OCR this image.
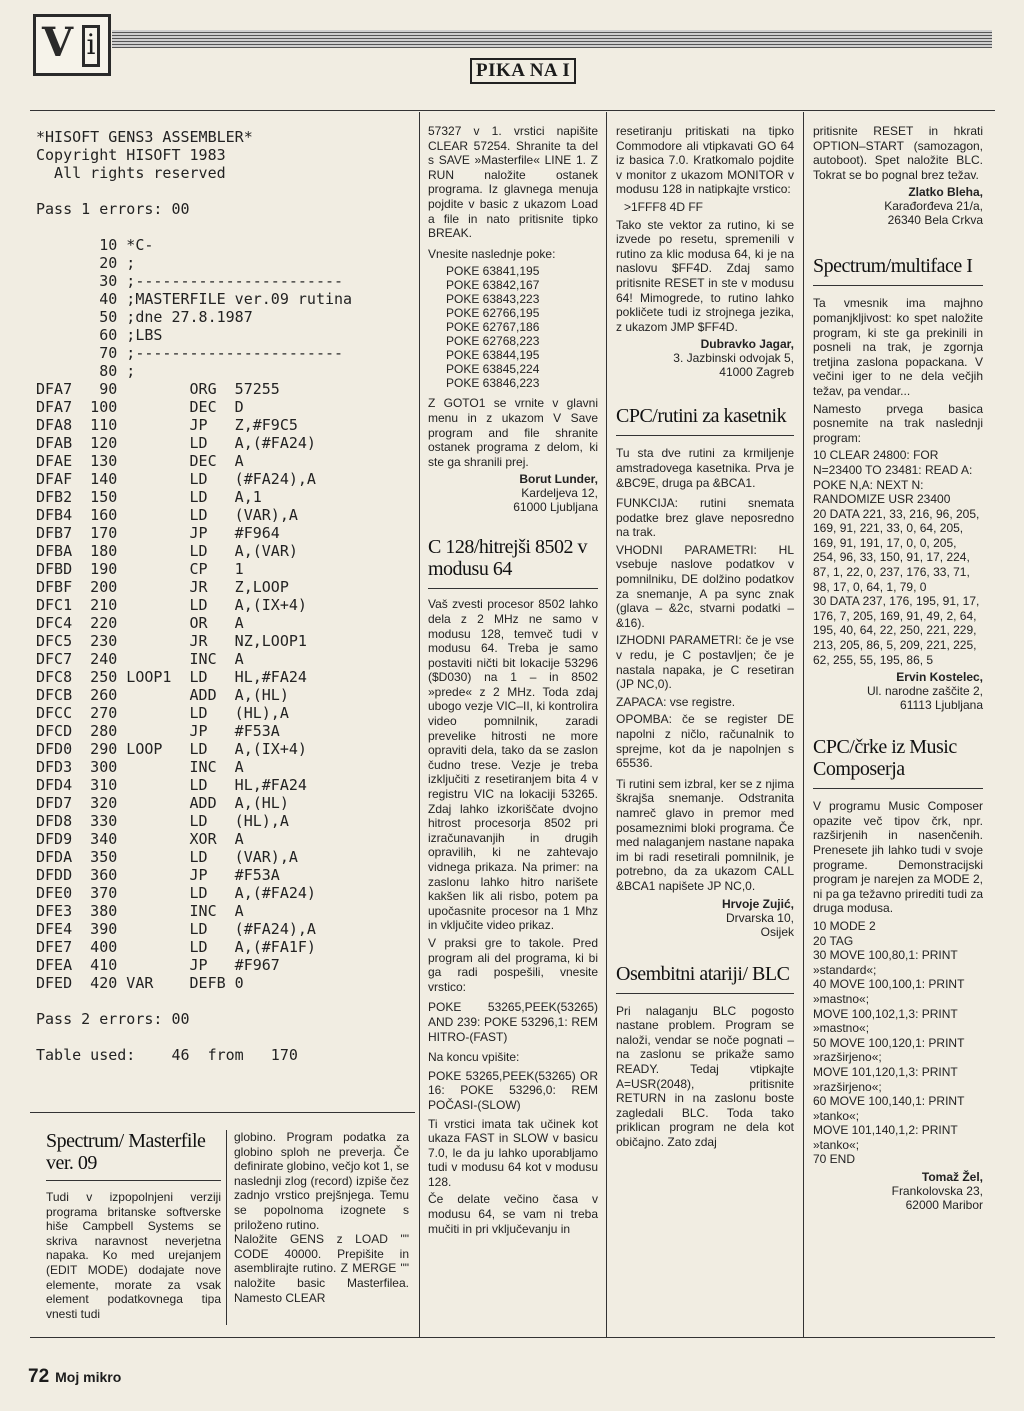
V i
PIKA NA I
*HISOFT GENS3 ASSEMBLER*
Copyright HISOFT 1983
All rights reserved

Pass 1 errors: 00

10 *C-
20 ;
30 ;-----------------------
40 ;MASTERFILE ver.09 rutina
50 ;dne 27.8.1987
60 ;LBS
70 ;-----------------------
80 ;
DFA7   90        ORG  57255
DFA7  100        DEC  D
DFA8  110        JP   Z,#F9C5
DFAB  120        LD   A,(#FA24)
DFAE  130        DEC  A
DFAF  140        LD   (#FA24),A
DFB2  150        LD   A,1
DFB4  160        LD   (VAR),A
DFB7  170        JP   #F964
DFBA  180        LD   A,(VAR)
DFBD  190        CP   1
DFBF  200        JR   Z,LOOP
DFC1  210        LD   A,(IX+4)
DFC4  220        OR   A
DFC5  230        JR   NZ,LOOP1
DFC7  240        INC  A
DFC8  250 LOOP1  LD   HL,#FA24
DFCB  260        ADD  A,(HL)
DFCC  270        LD   (HL),A
DFCD  280        JP   #F53A
DFD0  290 LOOP   LD   A,(IX+4)
DFD3  300        INC  A
DFD4  310        LD   HL,#FA24
DFD7  320        ADD  A,(HL)
DFD8  330        LD   (HL),A
DFD9  340        XOR  A
DFDA  350        LD   (VAR),A
DFDD  360        JP   #F53A
DFE0  370        LD   A,(#FA24)
DFE3  380        INC  A
DFE4  390        LD   (#FA24),A
DFE7  400        LD   A,(#FA1F)
DFEA  410        JP   #F967
DFED  420 VAR    DEFB 0

Pass 2 errors: 00

Table used:    46  from   170
Spectrum/ Masterfile ver. 09

Tudi v izpopolnjeni verziji programa britanske softverske hiše Campbell Systems se skriva naravnost neverjetna napaka. Ko med urejanjem (EDIT MODE) dodajate nove elemente, morate za vsak element podatkovnega tipa vnesti tudi

globino. Program podatka za globino sploh ne preverja. Če definirate globino, večjo kot 1, se naslednji zlog (record) izpiše čez zadnjo vrstico prejšnjega. Temu se popolnoma izognete s priloženo rutino.
Naložite GENS z LOAD "" CODE 40000. Prepišite in asemblirajte rutino. Z MERGE "" naložite basic Masterfilea. Namesto CLEAR

57327 v 1. vrstici napišite CLEAR 57254. Shranite ta del s SAVE »Masterfile« LINE 1. Z RUN naložite ostanek programa. Iz glavnega menuja pojdite v basic z ukazom Load a file in nato pritisnite tipko BREAK.

Vnesite naslednje poke:

POKE 63841,195
POKE 63842,167
POKE 63843,223
POKE 62766,195
POKE 62767,186
POKE 62768,223
POKE 63844,195
POKE 63845,224
POKE 63846,223

Z GOTO1 se vrnite v glavni menu in z ukazom V Save program and file shranite ostanek programa z delom, ki ste ga shranili prej.

Borut Lunder,
Kardeljeva 12,
61000 Ljubljana
C 128/hitrejši 8502 v modusu 64

Vaš zvesti procesor 8502 lahko dela z 2 MHz ne samo v modusu 128, temveč tudi v modusu 64. Treba je samo postaviti ničti bit lokacije 53296 ($D030) na 1 – in 8502 »prede« z 2 MHz. Toda zdaj ubogo vezje VIC–II, ki kontrolira video pomnilnik, zaradi prevelike hitrosti ne more opraviti dela, tako da se zaslon čudno trese. Vezje je treba izključiti z resetiranjem bita 4 v registru VIC na lokaciji 53265. Zdaj lahko izkoriščate dvojno hitrost procesorja 8502 pri izračunavanjih in drugih opravilih, ki ne zahtevajo vidnega prikaza. Na primer: na zaslonu lahko hitro narišete kakšen lik ali risbo, potem pa upočasnite procesor na 1 Mhz in vključite video prikaz.

V praksi gre to takole. Pred program ali del programa, ki bi ga radi pospešili, vnesite vrstico:

POKE 53265,PEEK(53265) AND 239: POKE 53296,1: REM HITRO-(FAST)

Na koncu vpišite:

POKE 53265,PEEK(53265) OR 16: POKE 53296,0: REM POČASI-(SLOW)

Ti vrstici imata tak učinek kot ukaza FAST in SLOW v basicu 7.0, le da ju lahko uporabljamo tudi v modusu 64 kot v modusu 128.

Če delate večino časa v modusu 64, se vam ni treba mučiti in pri vključevanju in

resetiranju pritiskati na tipko Commodore ali vtipkavati GO 64 iz basica 7.0. Kratkomalo pojdite v monitor z ukazom MONITOR v modusu 128 in natipkajte vrstico:

>1FFF8 4D FF

Tako ste vektor za rutino, ki se izvede po resetu, spremenili v rutino za klic modusa 64, ki je na naslovu $FF4D. Zdaj samo pritisnite RESET in ste v modusu 64! Mimogrede, to rutino lahko pokličete tudi iz strojnega jezika, z ukazom JMP $FF4D.

Dubravko Jagar,
3. Jazbinski odvojak 5,
41000 Zagreb
CPC/rutini za kasetnik

Tu sta dve rutini za krmiljenje amstradovega kasetnika. Prva je &BC9E, druga pa &BCA1.

FUNKCIJA: rutini snemata podatke brez glave neposredno na trak.

VHODNI PARAMETRI: HL vsebuje naslove podatkov v pomnilniku, DE dolžino podatkov za snemanje, A pa sync znak (glava – &2c, stvarni podatki – &16).

IZHODNI PARAMETRI: če je vse v redu, je C postavljen; če je nastala napaka, je C resetiran (JP NC,0).

ZAPACA: vse registre.

OPOMBA: če se register DE napolni z ničlo, računalnik to sprejme, kot da je napolnjen s 65536.

Ti rutini sem izbral, ker se z njima škrajša snemanje. Odstranita namreč glavo in premor med posameznimi bloki programa. Če med nalaganjem nastane napaka im bi radi resetirali pomnilnik, je potrebno, da za ukazom CALL &BCA1 napišete JP NC,0.

Hrvoje Zujić,
Drvarska 10,
Osijek
Osembitni atariji/ BLC

Pri nalaganju BLC pogosto nastane problem. Program se naloži, vendar se noče pognati – na zaslonu se prikaže samo READY. Tedaj vtipkajte A=USR(2048), pritisnite RETURN in na zaslonu boste zagledali BLC. Toda tako priklican program ne dela kot običajno. Zato zdaj

pritisnite RESET in hkrati OPTION–START (samozagon, autoboot). Spet naložite BLC. Tokrat se bo pognal brez težav.

Zlatko Bleha,
Karađorđeva 21/a,
26340 Bela Crkva
Spectrum/multiface I

Ta vmesnik ima majhno pomanjkljivost: ko spet naložite program, ki ste ga prekinili in posneli na trak, je zgornja tretjina zaslona popackana. V večini iger to ne dela večjih težav, pa vendar...

Namesto prvega basica posnemite na trak naslednji program:

10 CLEAR 24800: FOR N=23400 TO 23481: READ A: POKE N,A: NEXT N: RANDOMIZE USR 23400
20 DATA 221, 33, 216, 96, 205, 169, 91, 221, 33, 0, 64, 205, 169, 91, 191, 17, 0, 0, 205, 254, 96, 33, 150, 91, 17, 224, 87, 1, 22, 0, 237, 176, 33, 71, 98, 17, 0, 64, 1, 79, 0
30 DATA 237, 176, 195, 91, 17, 176, 7, 205, 169, 91, 49, 2, 64, 195, 40, 64, 22, 250, 221, 229, 213, 205, 86, 5, 209, 221, 225, 62, 255, 55, 195, 86, 5

Ervin Kostelec,
Ul. narodne zaščite 2,
61113 Ljubljana
CPC/črke iz Music Composerja

V programu Music Composer opazite več tipov črk, npr. razširjenih in nasenčenih. Prenesete jih lahko tudi v svoje programe. Demonstracijski program je narejen za MODE 2, ni pa ga težavno prirediti tudi za druga modusa.

10 MODE 2
20 TAG
30 MOVE 100,80,1: PRINT »standard«;
40 MOVE 100,100,1: PRINT »mastno«;
MOVE 100,102,1,3: PRINT »mastno«;
50 MOVE 100,120,1: PRINT »razširjeno«;
MOVE 101,120,1,3: PRINT »razširjeno«;
60 MOVE 100,140,1: PRINT »tanko«;
MOVE 101,140,1,2: PRINT »tanko«;
70 END

Tomaž Žel,
Frankolovska 23,
62000 Maribor
72 Moj mikro
